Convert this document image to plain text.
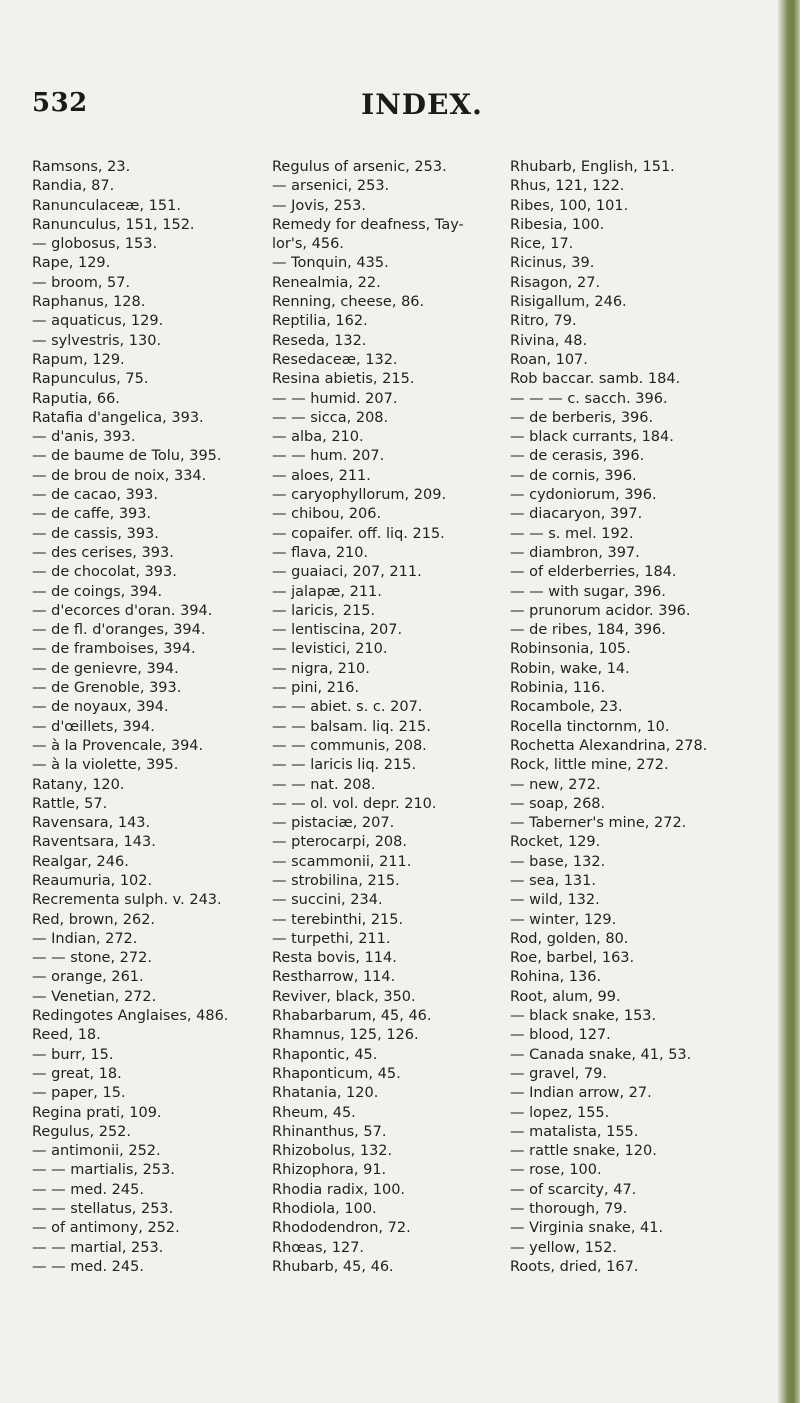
532	INDEX.
Ramsons, 23.
Randia, 87.
Ranunculaceæ, 151.
Ranunculus, 151, 152.
— globosus, 153.
Rape, 129.
— broom, 57.
Raphanus, 128.
— aquaticus, 129.
— sylvestris, 130.
Rapum, 129.
Rapunculus, 75.
Raputia, 66.
Ratafia d'angelica, 393.
— d'anis, 393.
— de baume de Tolu, 395.
— de brou de noix, 334.
— de cacao, 393.
— de caffe, 393.
— de cassis, 393.
— des cerises, 393.
— de chocolat, 393.
— de coings, 394.
— d'ecorces d'oran. 394.
— de fl. d'oranges, 394.
— de framboises, 394.
— de genievre, 394.
— de Grenoble, 393.
— de noyaux, 394.
— d'œillets, 394.
— à la Provencale, 394.
— à la violette, 395.
Ratany, 120.
Rattle, 57.
Ravensara, 143.
Raventsara, 143.
Realgar, 246.
Reaumuria, 102.
Recrementa sulph. v. 243.
Red, brown, 262.
— Indian, 272.
— — stone, 272.
— orange, 261.
— Venetian, 272.
Redingotes Anglaises, 486.
Reed, 18.
— burr, 15.
— great, 18.
— paper, 15.
Regina prati, 109.
Regulus, 252.
— antimonii, 252.
— — martialis, 253.
— — med. 245.
— — stellatus, 253.
— of antimony, 252.
— — martial, 253.
— — med. 245.
Regulus of arsenic, 253.
— arsenici, 253.
— Jovis, 253.
Remedy for deafness, Tay-
lor's, 456.
— Tonquin, 435.
Renealmia, 22.
Renning, cheese, 86.
Reptilia, 162.
Reseda, 132.
Resedaceæ, 132.
Resina abietis, 215.
— — humid. 207.
— — sicca, 208.
— alba, 210.
— — hum. 207.
— aloes, 211.
— caryophyllorum, 209.
— chibou, 206.
— copaifer. off. liq. 215.
— flava, 210.
— guaiaci, 207, 211.
— jalapæ, 211.
— laricis, 215.
— lentiscina, 207.
— levistici, 210.
— nigra, 210.
— pini, 216.
— — abiet. s. c. 207.
— — balsam. liq. 215.
— — communis, 208.
— — laricis liq. 215.
— — nat. 208.
— — ol. vol. depr. 210.
— pistaciæ, 207.
— pterocarpi, 208.
— scammonii, 211.
— strobilina, 215.
— succini, 234.
— terebinthi, 215.
— turpethi, 211.
Resta bovis, 114.
Restharrow, 114.
Reviver, black, 350.
Rhabarbarum, 45, 46.
Rhamnus, 125, 126.
Rhapontic, 45.
Rhaponticum, 45.
Rhatania, 120.
Rheum, 45.
Rhinanthus, 57.
Rhizobolus, 132.
Rhizophora, 91.
Rhodia radix, 100.
Rhodiola, 100.
Rhododendron, 72.
Rhœas, 127.
Rhubarb, 45, 46.
Rhubarb, English, 151.
Rhus, 121, 122.
Ribes, 100, 101.
Ribesia, 100.
Rice, 17.
Ricinus, 39.
Risagon, 27.
Risigallum, 246.
Ritro, 79.
Rivina, 48.
Roan, 107.
Rob baccar. samb. 184.
— — — c. sacch. 396.
— de berberis, 396.
— black currants, 184.
— de cerasis, 396.
— de cornis, 396.
— cydoniorum, 396.
— diacaryon, 397.
— — s. mel. 192.
— diambron, 397.
— of elderberries, 184.
— — with sugar, 396.
— prunorum acidor. 396.
— de ribes, 184, 396.
Robinsonia, 105.
Robin, wake, 14.
Robinia, 116.
Rocambole, 23.
Rocella tinctornm, 10.
Rochetta Alexandrina, 278.
Rock, little mine, 272.
— new, 272.
— soap, 268.
— Taberner's mine, 272.
Rocket, 129.
— base, 132.
— sea, 131.
— wild, 132.
— winter, 129.
Rod, golden, 80.
Roe, barbel, 163.
Rohina, 136.
Root, alum, 99.
— black snake, 153.
— blood, 127.
— Canada snake, 41, 53.
— gravel, 79.
— Indian arrow, 27.
— lopez, 155.
— matalista, 155.
— rattle snake, 120.
— rose, 100.
— of scarcity, 47.
— thorough, 79.
— Virginia snake, 41.
— yellow, 152.
Roots, dried, 167.
